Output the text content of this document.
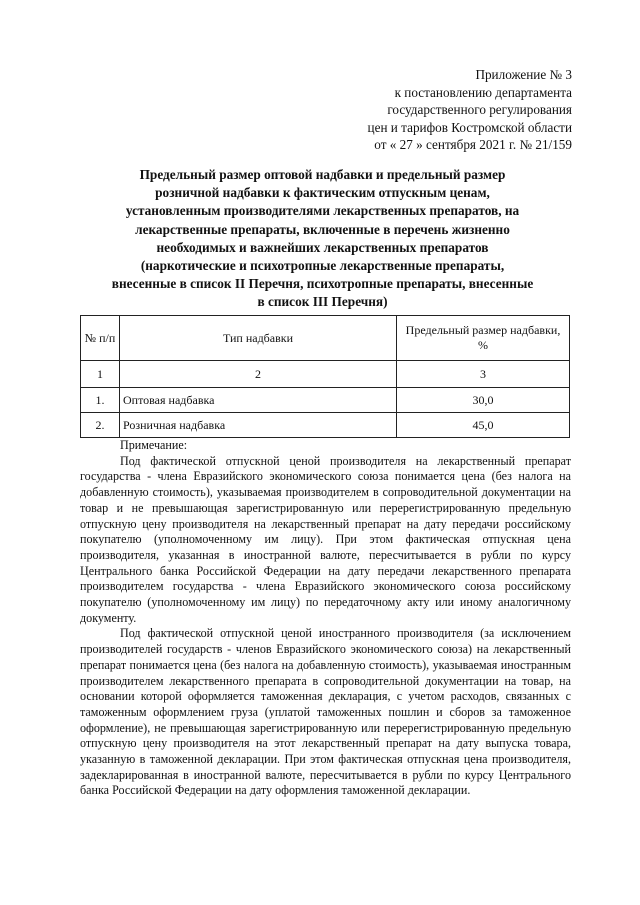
Приложение № 3
к постановлению департамента
государственного регулирования
цен и тарифов Костромской области
от « 27 » сентября 2021 г. № 21/159
Предельный размер оптовой надбавки и предельный размер
розничной надбавки к фактическим отпускным ценам,
установленным производителями лекарственных препаратов, на
лекарственные препараты, включенные в перечень жизненно
необходимых и важнейших лекарственных препаратов
(наркотические и психотропные лекарственные препараты,
внесенные в список II Перечня, психотропные препараты, внесенные
в список III Перечня)
№ п/п	Тип надбавки	Предельный размер надбавки, %
1	2	3
1.	Оптовая надбавка	30,0
2.	Розничная надбавка	45,0

Примечание:

Под фактической отпускной ценой производителя на лекарственный препарат государства - члена Евразийского экономического союза понимается цена (без налога на добавленную стоимость), указываемая производителем в сопроводительной документации на товар и не превышающая зарегистрированную или перерегистрированную предельную отпускную цену производителя на лекарственный препарат на дату передачи российскому покупателю (уполномоченному им лицу). При этом фактическая отпускная цена производителя, указанная в иностранной валюте, пересчитывается в рубли по курсу Центрального банка Российской Федерации на дату передачи лекарственного препарата производителем государства - члена Евразийского экономического союза российскому покупателю (уполномоченному им лицу) по передаточному акту или иному аналогичному документу.

Под фактической отпускной ценой иностранного производителя (за исключением производителей государств - членов Евразийского экономического союза) на лекарственный препарат понимается цена (без налога на добавленную стоимость), указываемая иностранным производителем лекарственного препарата в сопроводительной документации на товар, на основании которой оформляется таможенная декларация, с учетом расходов, связанных с таможенным оформлением груза (уплатой таможенных пошлин и сборов за таможенное оформление), не превышающая зарегистрированную или перерегистрированную предельную отпускную цену производителя на этот лекарственный препарат на дату выпуска товара, указанную в таможенной декларации. При этом фактическая отпускная цена производителя, задекларированная в иностранной валюте, пересчитывается в рубли по курсу Центрального банка Российской Федерации на дату оформления таможенной декларации.
